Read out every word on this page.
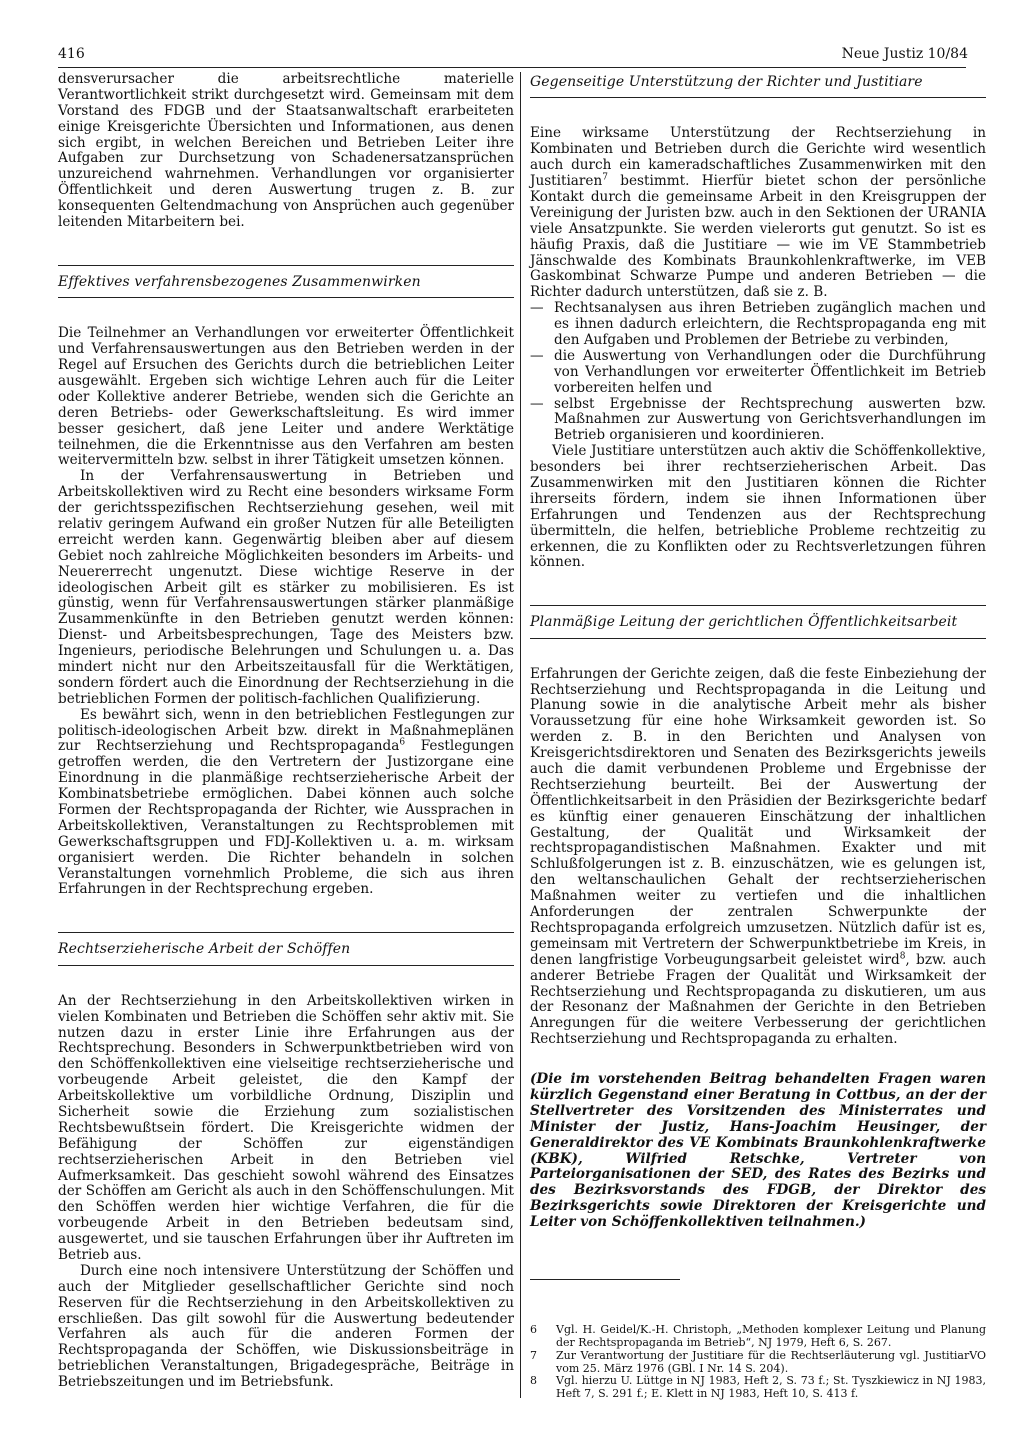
416	Neue Justiz 10/84

densverursacher die arbeitsrechtliche materielle Verantwortlichkeit strikt durchgesetzt wird. Gemeinsam mit dem Vorstand des FDGB und der Staatsanwaltschaft erarbeiteten einige Kreisgerichte Übersichten und Informationen, aus denen sich ergibt, in welchen Bereichen und Betrieben Leiter ihre Aufgaben zur Durchsetzung von Schadenersatzansprüchen unzureichend wahrnehmen. Verhandlungen vor organisierter Öffentlichkeit und deren Auswertung trugen z. B. zur konsequenten Geltendmachung von Ansprüchen auch gegenüber leitenden Mitarbeitern bei.

Effektives verfahrensbezogenes Zusammenwirken

Die Teilnehmer an Verhandlungen vor erweiterter Öffentlichkeit und Verfahrensauswertungen aus den Betrieben werden in der Regel auf Ersuchen des Gerichts durch die betrieblichen Leiter ausgewählt. Ergeben sich wichtige Lehren auch für die Leiter oder Kollektive anderer Betriebe, wenden sich die Gerichte an deren Betriebs- oder Gewerkschaftsleitung. Es wird immer besser gesichert, daß jene Leiter und andere Werktätige teilnehmen, die die Erkenntnisse aus den Verfahren am besten weitervermitteln bzw. selbst in ihrer Tätigkeit umsetzen können.

In der Verfahrensauswertung in Betrieben und Arbeitskollektiven wird zu Recht eine besonders wirksame Form der gerichtsspezifischen Rechtserziehung gesehen, weil mit relativ geringem Aufwand ein großer Nutzen für alle Beteiligten erreicht werden kann. Gegenwärtig bleiben aber auf diesem Gebiet noch zahlreiche Möglichkeiten besonders im Arbeits- und Neuererrecht ungenutzt. Diese wichtige Reserve in der ideologischen Arbeit gilt es stärker zu mobilisieren. Es ist günstig, wenn für Verfahrensauswertungen stärker planmäßige Zusammenkünfte in den Betrieben genutzt werden können: Dienst- und Arbeitsbesprechungen, Tage des Meisters bzw. Ingenieurs, periodische Belehrungen und Schulungen u. a. Das mindert nicht nur den Arbeitszeitausfall für die Werktätigen, sondern fördert auch die Einordnung der Rechtserziehung in die betrieblichen Formen der politisch-fachlichen Qualifizierung.

Es bewährt sich, wenn in den betrieblichen Festlegungen zur politisch-ideologischen Arbeit bzw. direkt in Maßnahmeplänen zur Rechtserziehung und Rechtspropaganda$^6$ Festlegungen getroffen werden, die den Vertretern der Justizorgane eine Einordnung in die planmäßige rechtserzieherische Arbeit der Kombinatsbetriebe ermöglichen. Dabei können auch solche Formen der Rechtspropaganda der Richter, wie Aussprachen in Arbeitskollektiven, Veranstaltungen zu Rechtsproblemen mit Gewerkschaftsgruppen und FDJ-Kollektiven u. a. m. wirksam organisiert werden. Die Richter behandeln in solchen Veranstaltungen vornehmlich Probleme, die sich aus ihren Erfahrungen in der Rechtsprechung ergeben.

Rechtserzieherische Arbeit der Schöffen

An der Rechtserziehung in den Arbeitskollektiven wirken in vielen Kombinaten und Betrieben die Schöffen sehr aktiv mit. Sie nutzen dazu in erster Linie ihre Erfahrungen aus der Rechtsprechung. Besonders in Schwerpunktbetrieben wird von den Schöffenkollektiven eine vielseitige rechtserzieherische und vorbeugende Arbeit geleistet, die den Kampf der Arbeitskollektive um vorbildliche Ordnung, Disziplin und Sicherheit sowie die Erziehung zum sozialistischen Rechtsbewußtsein fördert. Die Kreisgerichte widmen der Befähigung der Schöffen zur eigenständigen rechtserzieherischen Arbeit in den Betrieben viel Aufmerksamkeit. Das geschieht sowohl während des Einsatzes der Schöffen am Gericht als auch in den Schöffenschulungen. Mit den Schöffen werden hier wichtige Verfahren, die für die vorbeugende Arbeit in den Betrieben bedeutsam sind, ausgewertet, und sie tauschen Erfahrungen über ihr Auftreten im Betrieb aus.

Durch eine noch intensivere Unterstützung der Schöffen und auch der Mitglieder gesellschaftlicher Gerichte sind noch Reserven für die Rechtserziehung in den Arbeitskollektiven zu erschließen. Das gilt sowohl für die Auswertung bedeutender Verfahren als auch für die anderen Formen der Rechtspropaganda der Schöffen, wie Diskussionsbeiträge in betrieblichen Veranstaltungen, Brigadegespräche, Beiträge in Betriebszeitungen und im Betriebsfunk.

Gegenseitige Unterstützung der Richter und Justitiare

Eine wirksame Unterstützung der Rechtserziehung in Kombinaten und Betrieben durch die Gerichte wird wesentlich auch durch ein kameradschaftliches Zusammenwirken mit den Justitiaren$^7$ bestimmt. Hierfür bietet schon der persönliche Kontakt durch die gemeinsame Arbeit in den Kreisgruppen der Vereinigung der Juristen bzw. auch in den Sektionen der URANIA viele Ansatzpunkte. Sie werden vielerorts gut genutzt. So ist es häufig Praxis, daß die Justitiare — wie im VE Stammbetrieb Jänschwalde des Kombinats Braunkohlenkraftwerke, im VEB Gaskombinat Schwarze Pumpe und anderen Betrieben — die Richter dadurch unterstützen, daß sie z. B.

— Rechtsanalysen aus ihren Betrieben zugänglich machen und es ihnen dadurch erleichtern, die Rechtspropaganda eng mit den Aufgaben und Problemen der Betriebe zu verbinden,
— die Auswertung von Verhandlungen oder die Durchführung von Verhandlungen vor erweiterter Öffentlichkeit im Betrieb vorbereiten helfen und
— selbst Ergebnisse der Rechtsprechung auswerten bzw. Maßnahmen zur Auswertung von Gerichtsverhandlungen im Betrieb organisieren und koordinieren.

Viele Justitiare unterstützen auch aktiv die Schöffenkollektive, besonders bei ihrer rechtserzieherischen Arbeit. Das Zusammenwirken mit den Justitiaren können die Richter ihrerseits fördern, indem sie ihnen Informationen über Erfahrungen und Tendenzen aus der Rechtsprechung übermitteln, die helfen, betriebliche Probleme rechtzeitig zu erkennen, die zu Konflikten oder zu Rechtsverletzungen führen können.

Planmäßige Leitung der gerichtlichen Öffentlichkeitsarbeit

Erfahrungen der Gerichte zeigen, daß die feste Einbeziehung der Rechtserziehung und Rechtspropaganda in die Leitung und Planung sowie in die analytische Arbeit mehr als bisher Voraussetzung für eine hohe Wirksamkeit geworden ist. So werden z. B. in den Berichten und Analysen von Kreisgerichtsdirektoren und Senaten des Bezirksgerichts jeweils auch die damit verbundenen Probleme und Ergebnisse der Rechtserziehung beurteilt. Bei der Auswertung der Öffentlichkeitsarbeit in den Präsidien der Bezirksgerichte bedarf es künftig einer genaueren Einschätzung der inhaltlichen Gestaltung, der Qualität und Wirksamkeit der rechtspropagandistischen Maßnahmen. Exakter und mit Schlußfolgerungen ist z. B. einzuschätzen, wie es gelungen ist, den weltanschaulichen Gehalt der rechtserzieherischen Maßnahmen weiter zu vertiefen und die inhaltlichen Anforderungen der zentralen Schwerpunkte der Rechtspropaganda erfolgreich umzusetzen. Nützlich dafür ist es, gemeinsam mit Vertretern der Schwerpunktbetriebe im Kreis, in denen langfristige Vorbeugungsarbeit geleistet wird$^8$, bzw. auch anderer Betriebe Fragen der Qualität und Wirksamkeit der Rechtserziehung und Rechtspropaganda zu diskutieren, um aus der Resonanz der Maßnahmen der Gerichte in den Betrieben Anregungen für die weitere Verbesserung der gerichtlichen Rechtserziehung und Rechtspropaganda zu erhalten.

(Die im vorstehenden Beitrag behandelten Fragen waren kürzlich Gegenstand einer Beratung in Cottbus, an der der Stellvertreter des Vorsitzenden des Ministerrates und Minister der Justiz, Hans-Joachim Heusinger, der Generaldirektor des VE Kombinats Braunkohlenkraftwerke (KBK), Wilfried Retschke, Vertreter von Parteiorganisationen der SED, des Rates des Bezirks und des Bezirksvorstands des FDGB, der Direktor des Bezirksgerichts sowie Direktoren der Kreisgerichte und Leiter von Schöffenkollektiven teilnahmen.)

6 Vgl. H. Geidel/K.-H. Christoph, „Methoden komplexer Leitung und Planung der Rechtspropaganda im Betrieb“, NJ 1979, Heft 6, S. 267.
7 Zur Verantwortung der Justitiare für die Rechtserläuterung vgl. JustitiarVO vom 25. März 1976 (GBl. I Nr. 14 S. 204).
8 Vgl. hierzu U. Lüttge in NJ 1983, Heft 2, S. 73 f.; St. Tyszkiewicz in NJ 1983, Heft 7, S. 291 f.; E. Klett in NJ 1983, Heft 10, S. 413 f.
